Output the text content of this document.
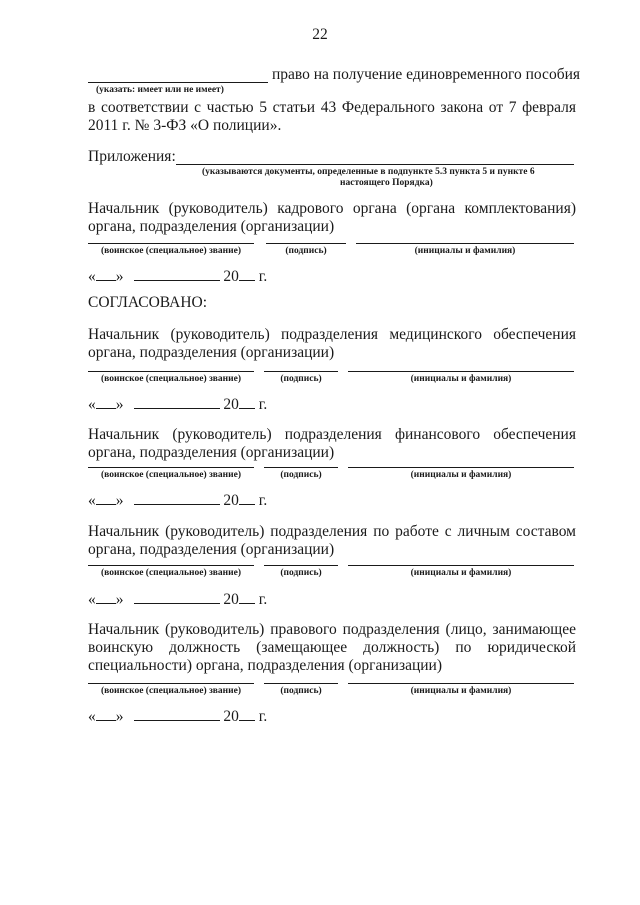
22
право на получение единовременного пособия
(указать: имеет или не имеет)
в соответствии с частью 5 статьи 43 Федерального закона от 7 февраля
2011 г. № 3-ФЗ «О полиции».
Приложения:
(указываются документы, определенные в подпункте 5.3 пункта 5 и пункте 6
настоящего Порядка)
Начальник (руководитель) кадрового органа (органа комплектования)
органа, подразделения (организации)
(воинское (специальное) звание)	(подпись)	(инициалы и фамилия)
« »	20 г.
СОГЛАСОВАНО:
Начальник (руководитель) подразделения медицинского обеспечения
органа, подразделения (организации)
(воинское (специальное) звание)	(подпись)	(инициалы и фамилия)
« »	20 г.
Начальник (руководитель) подразделения финансового обеспечения
органа, подразделения (организации)
(воинское (специальное) звание)	(подпись)	(инициалы и фамилия)
« »	20 г.
Начальник (руководитель) подразделения по работе с личным составом
органа, подразделения (организации)
(воинское (специальное) звание)	(подпись)	(инициалы и фамилия)
« »	20 г.
Начальник (руководитель) правового подразделения (лицо, занимающее
воинскую должность (замещающее должность) по юридической
специальности) органа, подразделения (организации)
(воинское (специальное) звание)	(подпись)	(инициалы и фамилия)
« »	20 г.
